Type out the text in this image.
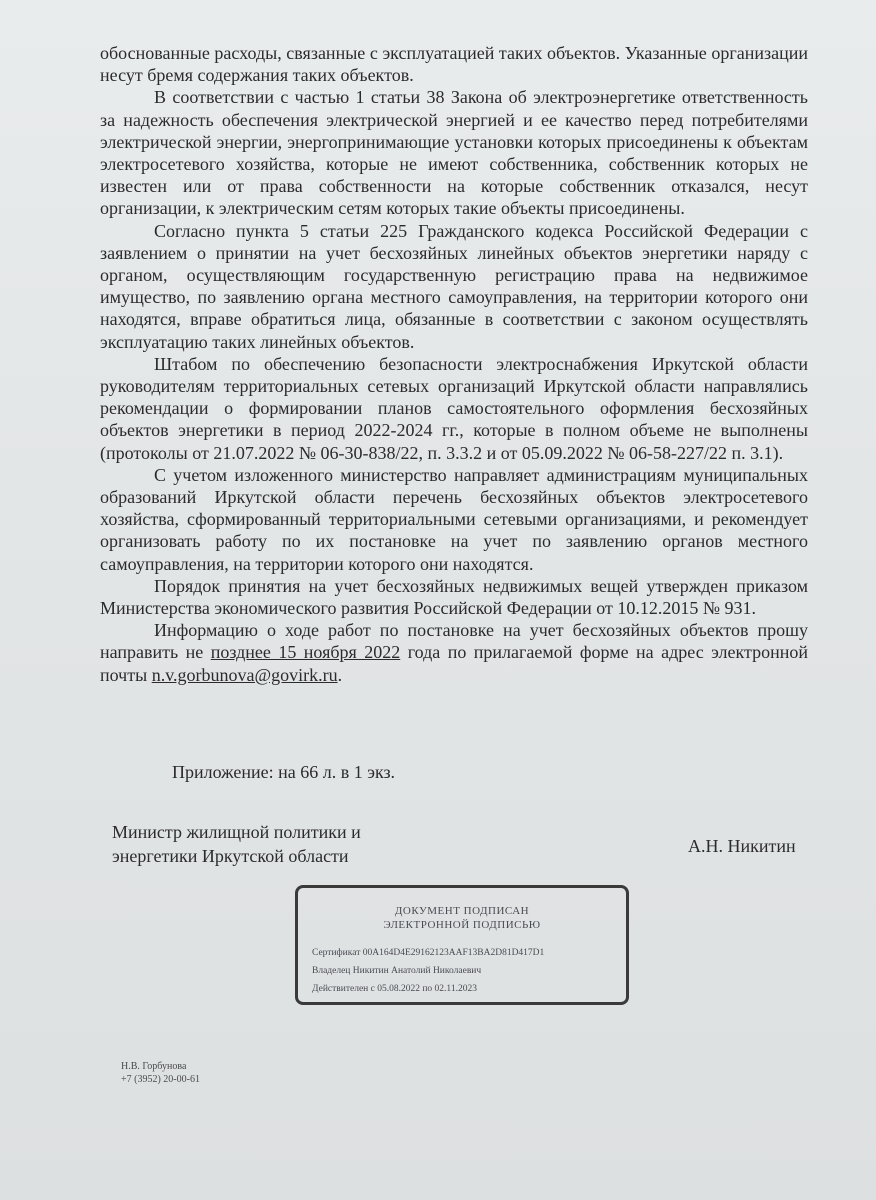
обоснованные расходы, связанные с эксплуатацией таких объектов. Указанные организации несут бремя содержания таких объектов.

В соответствии с частью 1 статьи 38 Закона об электроэнергетике ответственность за надежность обеспечения электрической энергией и ее качество перед потребителями электрической энергии, энергопринимающие установки которых присоединены к объектам электросетевого хозяйства, которые не имеют собственника, собственник которых не известен или от права собственности на которые собственник отказался, несут организации, к электрическим сетям которых такие объекты присоединены.

Согласно пункта 5 статьи 225 Гражданского кодекса Российской Федерации с заявлением о принятии на учет бесхозяйных линейных объектов энергетики наряду с органом, осуществляющим государственную регистрацию права на недвижимое имущество, по заявлению органа местного самоуправления, на территории которого они находятся, вправе обратиться лица, обязанные в соответствии с законом осуществлять эксплуатацию таких линейных объектов.

Штабом по обеспечению безопасности электроснабжения Иркутской области руководителям территориальных сетевых организаций Иркутской области направлялись рекомендации о формировании планов самостоятельного оформления бесхозяйных объектов энергетики в период 2022-2024 гг., которые в полном объеме не выполнены (протоколы от 21.07.2022 № 06-30-838/22, п. 3.3.2 и от 05.09.2022 № 06-58-227/22 п. 3.1).

С учетом изложенного министерство направляет администрациям муниципальных образований Иркутской области перечень бесхозяйных объектов электросетевого хозяйства, сформированный территориальными сетевыми организациями, и рекомендует организовать работу по их постановке на учет по заявлению органов местного самоуправления, на территории которого они находятся.

Порядок принятия на учет бесхозяйных недвижимых вещей утвержден приказом Министерства экономического развития Российской Федерации от 10.12.2015 № 931.

Информацию о ходе работ по постановке на учет бесхозяйных объектов прошу направить не позднее 15 ноября 2022 года по прилагаемой форме на адрес электронной почты n.v.gorbunova@govirk.ru.

Приложение: на 66 л. в 1 экз.
Министр жилищной политики и
энергетики Иркутской области	А.Н. Никитин
ДОКУМЕНТ ПОДПИСАН
ЭЛЕКТРОННОЙ ПОДПИСЬЮ
Сертификат 00A164D4E29162123AAF13BA2D81D417D1
Владелец Никитин Анатолий Николаевич
Действителен с 05.08.2022 по 02.11.2023
Н.В. Горбунова
+7 (3952) 20-00-61
